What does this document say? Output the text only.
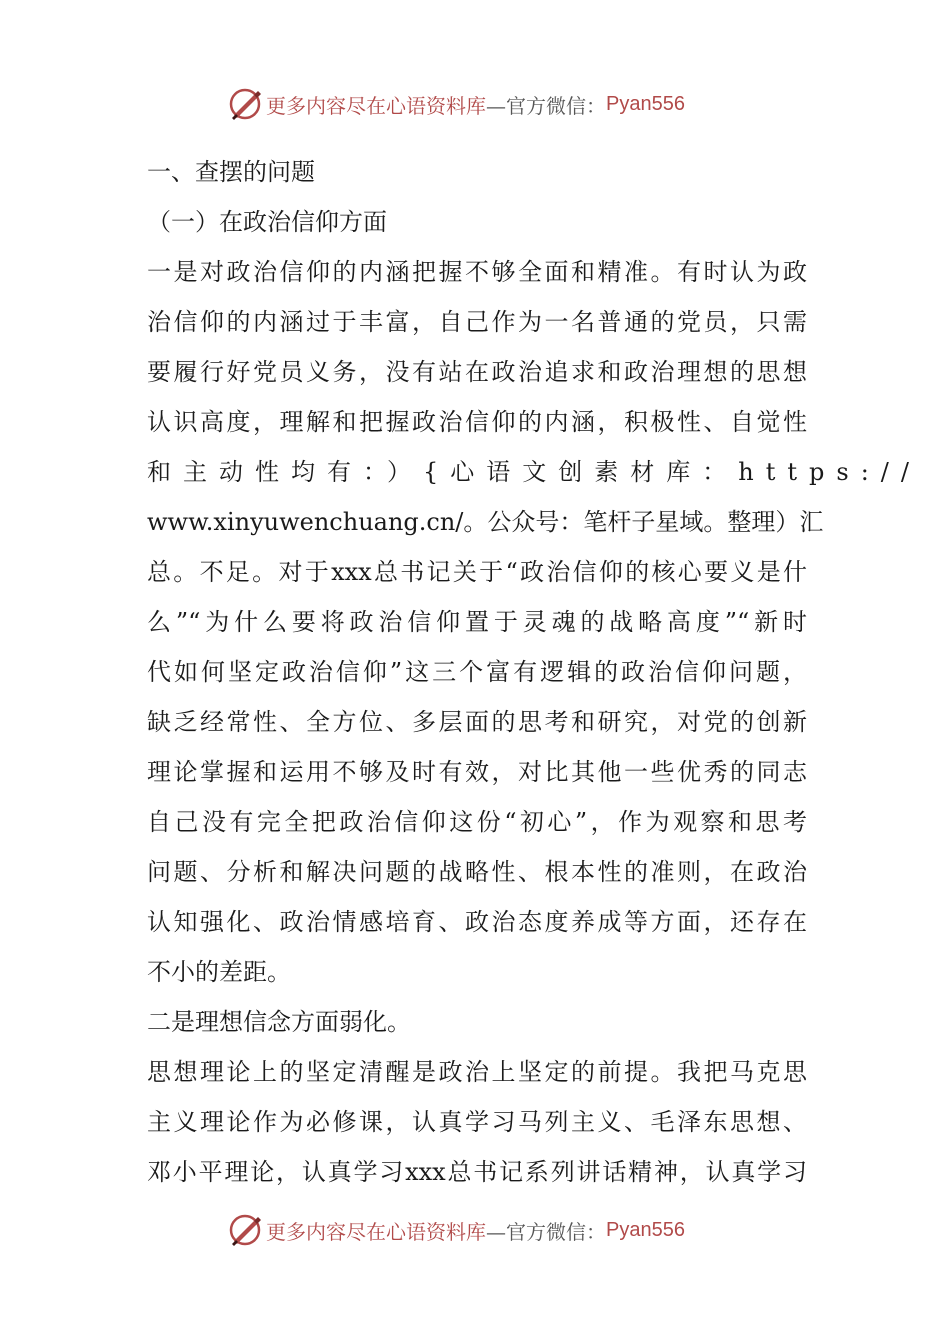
更多内容尽在心语资料库 —官方微信： Pyan556
一、查摆的问题
（一）在政治信仰方面
一是对政治信仰的内涵把握不够全面和精准。有时认为政
治信仰的内涵过于丰富，自己作为一名普通的党员，只需
要履行好党员义务，没有站在政治追求和政治理想的思想
认识高度，理解和把握政治信仰的内涵，积极性、自觉性
和主动性均有：）{心语文创素材库：https://
www.xinyuwenchuang.cn/。公众号：笔杆子星域。整理）汇
总。不足。对于xxx总书记关于“政治信仰的核心要义是什
么”“为什么要将政治信仰置于灵魂的战略高度”“新时
代如何坚定政治信仰”这三个富有逻辑的政治信仰问题，
缺乏经常性、全方位、多层面的思考和研究，对党的创新
理论掌握和运用不够及时有效，对比其他一些优秀的同志
自己没有完全把政治信仰这份“初心”，作为观察和思考
问题、分析和解决问题的战略性、根本性的准则，在政治
认知强化、政治情感培育、政治态度养成等方面，还存在
不小的差距。
二是理想信念方面弱化。
思想理论上的坚定清醒是政治上坚定的前提。我把马克思
主义理论作为必修课，认真学习马列主义、毛泽东思想、
邓小平理论，认真学习xxx总书记系列讲话精神，认真学习
更多内容尽在心语资料库 —官方微信： Pyan556
